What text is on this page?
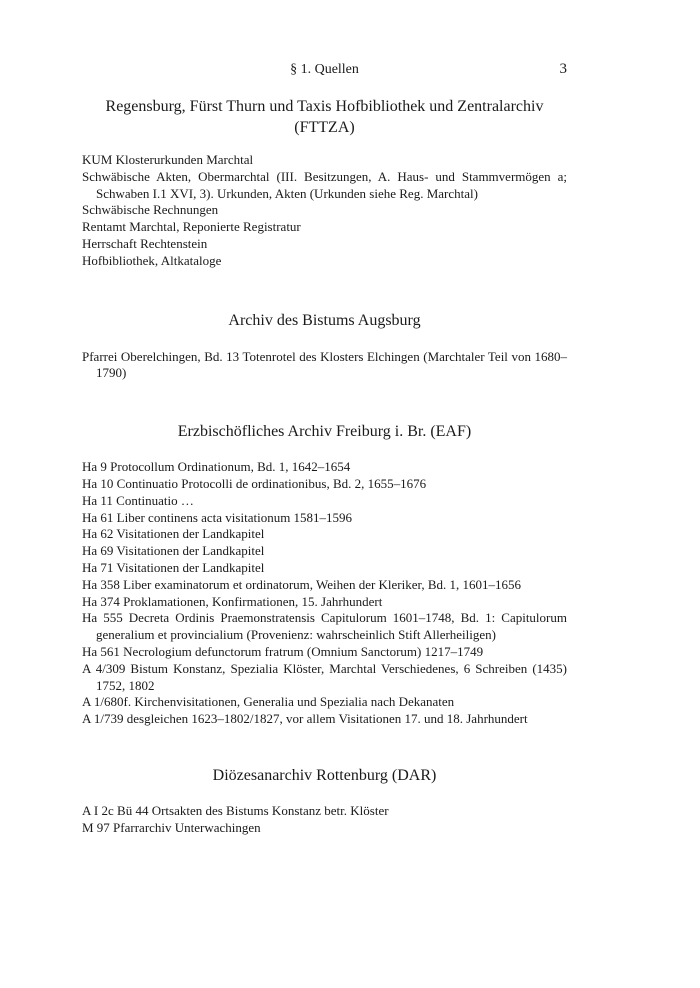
§ 1. Quellen	3
Regensburg, Fürst Thurn und Taxis Hofbibliothek und Zentralarchiv (FTTZA)
KUM Klosterurkunden Marchtal
Schwäbische Akten, Obermarchtal (III. Besitzungen, A. Haus- und Stammvermögen a; Schwaben I.1 XVI, 3). Urkunden, Akten (Urkunden siehe Reg. Marchtal)
Schwäbische Rechnungen
Rentamt Marchtal, Reponierte Registratur
Herrschaft Rechtenstein
Hofbibliothek, Altkataloge
Archiv des Bistums Augsburg
Pfarrei Oberelchingen, Bd. 13 Totenrotel des Klosters Elchingen (Marchtaler Teil von 1680–1790)
Erzbischöfliches Archiv Freiburg i. Br. (EAF)
Ha 9 Protocollum Ordinationum, Bd. 1, 1642–1654
Ha 10 Continuatio Protocolli de ordinationibus, Bd. 2, 1655–1676
Ha 11 Continuatio …
Ha 61 Liber continens acta visitationum 1581–1596
Ha 62 Visitationen der Landkapitel
Ha 69 Visitationen der Landkapitel
Ha 71 Visitationen der Landkapitel
Ha 358 Liber examinatorum et ordinatorum, Weihen der Kleriker, Bd. 1, 1601–1656
Ha 374 Proklamationen, Konfirmationen, 15. Jahrhundert
Ha 555 Decreta Ordinis Praemonstratensis Capitulorum 1601–1748, Bd. 1: Capitulorum generalium et provincialium (Provenienz: wahrscheinlich Stift Allerheiligen)
Ha 561 Necrologium defunctorum fratrum (Omnium Sanctorum) 1217–1749
A 4/309 Bistum Konstanz, Spezialia Klöster, Marchtal Verschiedenes, 6 Schreiben (1435) 1752, 1802
A 1/680f. Kirchenvisitationen, Generalia und Spezialia nach Dekanaten
A 1/739 desgleichen 1623–1802/1827, vor allem Visitationen 17. und 18. Jahrhundert
Diözesanarchiv Rottenburg (DAR)
A I 2c Bü 44 Ortsakten des Bistums Konstanz betr. Klöster
M 97 Pfarrarchiv Unterwachingen
